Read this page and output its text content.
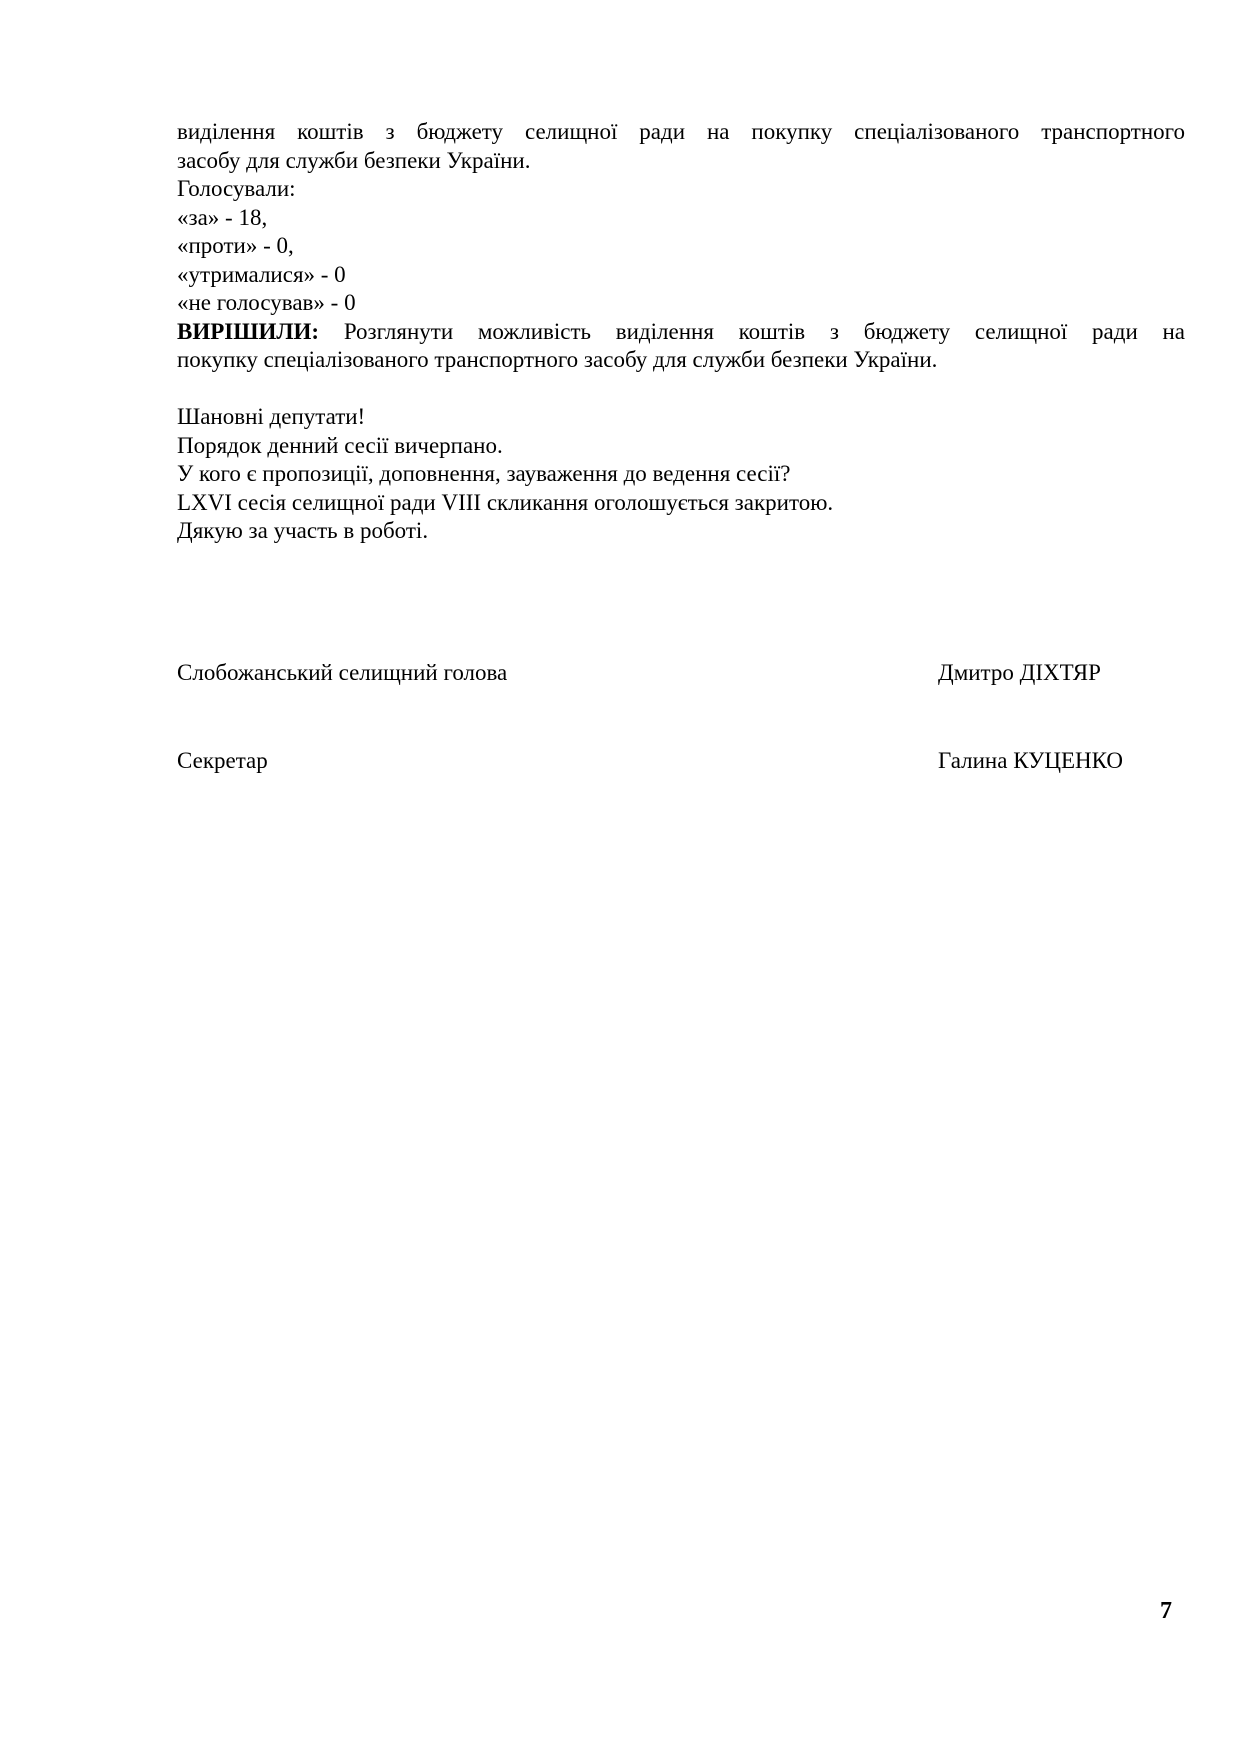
виділення коштів з бюджету селищної ради на покупку спеціалізованого транспортного
засобу для служби безпеки України.
Голосували:
«за» - 18,
«проти» - 0,
«утрималися» - 0
«не голосував» - 0
ВИРІШИЛИ: Розглянути можливість виділення коштів з бюджету селищної ради на
покупку спеціалізованого транспортного засобу для служби безпеки України.
Шановні депутати!
Порядок денний сесії вичерпано.
У кого є пропозиції, доповнення, зауваження до ведення сесії?
LXVI сесія селищної ради VIII скликання оголошується закритою.
Дякую за участь в роботі.
Слобожанський селищний голова	Дмитро ДІХТЯР
Секретар	Галина КУЦЕНКО
7
